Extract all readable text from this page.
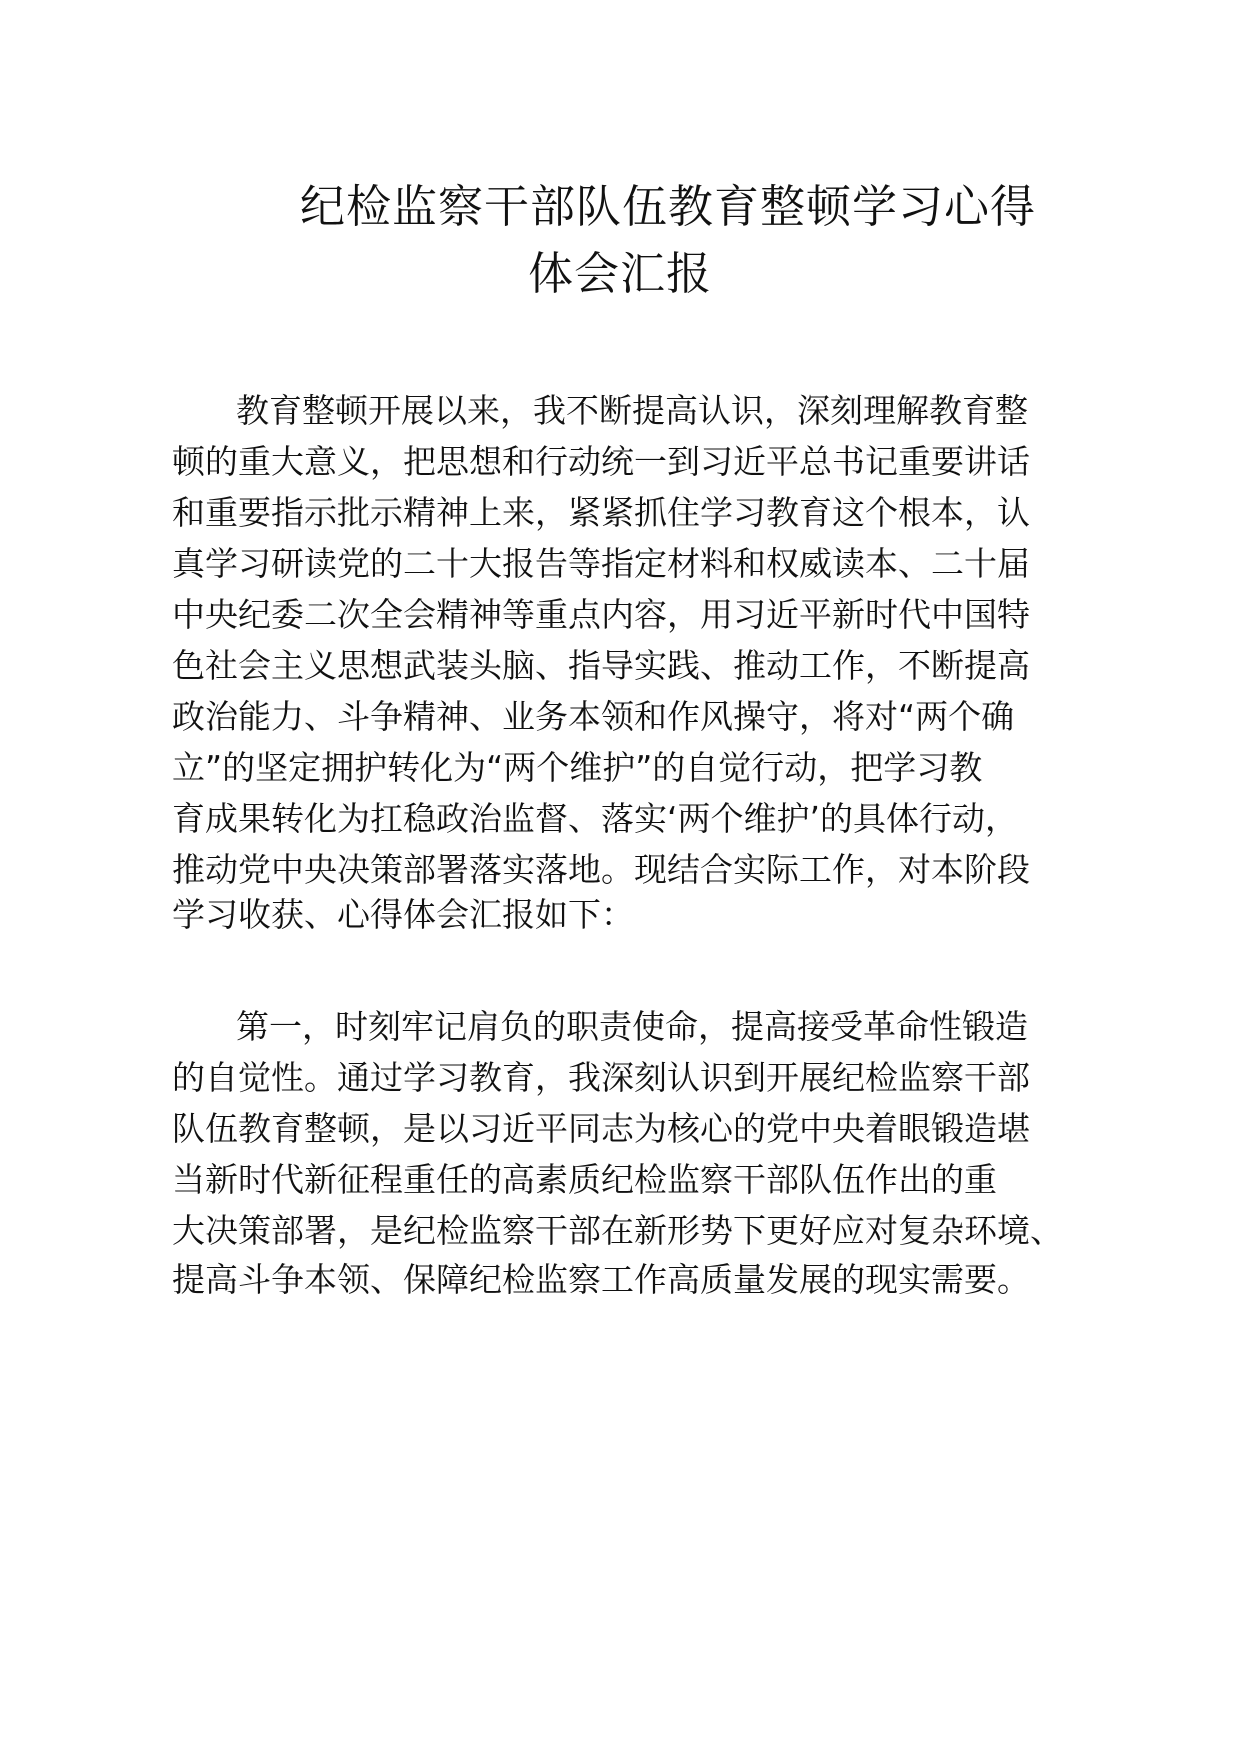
纪检监察干部队伍教育整顿学习心得
体会汇报
教育整顿开展以来，我不断提高认识，深刻理解教育整
顿的重大意义，把思想和行动统一到习近平总书记重要讲话
和重要指示批示精神上来，紧紧抓住学习教育这个根本，认
真学习研读党的二十大报告等指定材料和权威读本、二十届
中央纪委二次全会精神等重点内容，用习近平新时代中国特
色社会主义思想武装头脑、指导实践、推动工作，不断提高
政治能力、斗争精神、业务本领和作风操守，将对“两个确
立”的坚定拥护转化为“两个维护”的自觉行动，把学习教
育成果转化为扛稳政治监督、落实‘两个维护’的具体行动，
推动党中央决策部署落实落地。现结合实际工作，对本阶段
学习收获、心得体会汇报如下：
第一，时刻牢记肩负的职责使命，提高接受革命性锻造
的自觉性。通过学习教育，我深刻认识到开展纪检监察干部
队伍教育整顿，是以习近平同志为核心的党中央着眼锻造堪
当新时代新征程重任的高素质纪检监察干部队伍作出的重
大决策部署，是纪检监察干部在新形势下更好应对复杂环境、
提高斗争本领、保障纪检监察工作高质量发展的现实需要。
